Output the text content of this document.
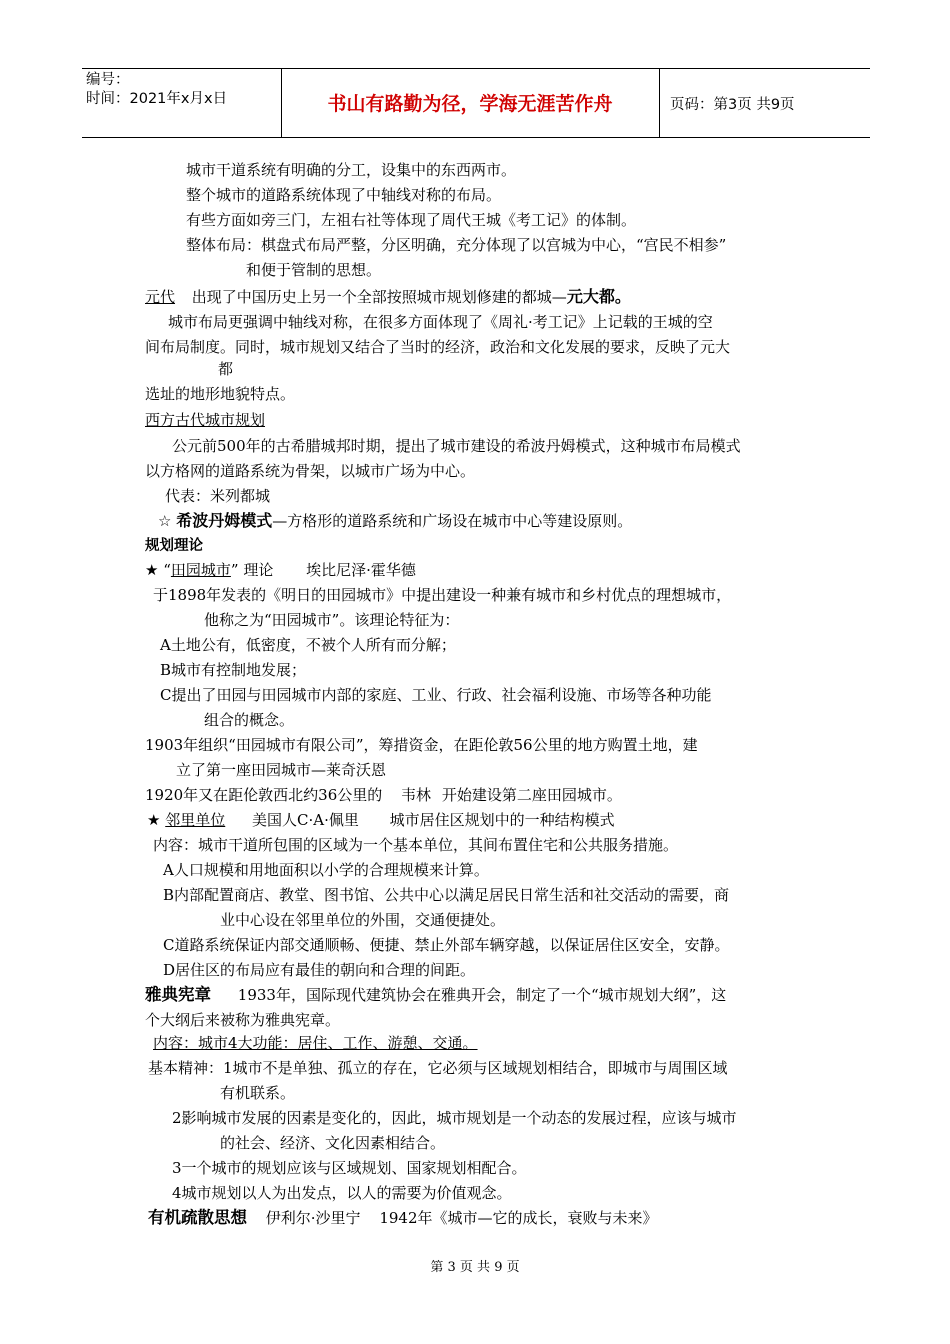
编号：
时间：2021年x月x日	书山有路勤为径，学海无涯苦作舟	页码：第3页 共9页
城市干道系统有明确的分工，设集中的东西两市。
整个城市的道路系统体现了中轴线对称的布局。
有些方面如旁三门，左祖右社等体现了周代王城《考工记》的体制。
整体布局：棋盘式布局严整，分区明确，充分体现了以宫城为中心，“宫民不相参”
和便于管制的思想。
元代 出现了中国历史上另一个全部按照城市规划修建的都城—元大都。
城市布局更强调中轴线对称，在很多方面体现了《周礼·考工记》上记载的王城的空
间布局制度。同时，城市规划又结合了当时的经济，政治和文化发展的要求，反映了元大
都
选址的地形地貌特点。
西方古代城市规划
公元前500年的古希腊城邦时期，提出了城市建设的希波丹姆模式，这种城市布局模式
以方格网的道路系统为骨架，以城市广场为中心。
代表：米列都城
☆ 希波丹姆模式—方格形的道路系统和广场设在城市中心等建设原则。
规划理论
★ “田园城市” 理论 埃比尼泽·霍华德
于1898年发表的《明日的田园城市》中提出建设一种兼有城市和乡村优点的理想城市，
他称之为“田园城市”。该理论特征为：
A土地公有，低密度，不被个人所有而分解；
B城市有控制地发展；
C提出了田园与田园城市内部的家庭、工业、行政、社会福利设施、市场等各种功能
组合的概念。
1903年组织“田园城市有限公司”，筹措资金，在距伦敦56公里的地方购置土地，建
立了第一座田园城市—莱奇沃恩
1920年又在距伦敦西北约36公里的 韦林 开始建设第二座田园城市。
★ 邻里单位 美国人C·A·佩里 城市居住区规划中的一种结构模式
内容：城市干道所包围的区域为一个基本单位，其间布置住宅和公共服务措施。
A人口规模和用地面积以小学的合理规模来计算。
B内部配置商店、教堂、图书馆、公共中心以满足居民日常生活和社交活动的需要，商
业中心设在邻里单位的外围，交通便捷处。
C道路系统保证内部交通顺畅、便捷、禁止外部车辆穿越，以保证居住区安全，安静。
D居住区的布局应有最佳的朝向和合理的间距。
雅典宪章 1933年，国际现代建筑协会在雅典开会，制定了一个“城市规划大纲”，这
个大纲后来被称为雅典宪章。
内容：城市4大功能：居住、工作、游憩、交通。
基本精神：1城市不是单独、孤立的存在，它必须与区域规划相结合，即城市与周围区域
有机联系。
2影响城市发展的因素是变化的，因此，城市规划是一个动态的发展过程，应该与城市
的社会、经济、文化因素相结合。
3一个城市的规划应该与区域规划、国家规划相配合。
4城市规划以人为出发点，以人的需要为价值观念。
有机疏散思想 伊利尔·沙里宁 1942年《城市—它的成长，衰败与未来》
第 3 页 共 9 页
